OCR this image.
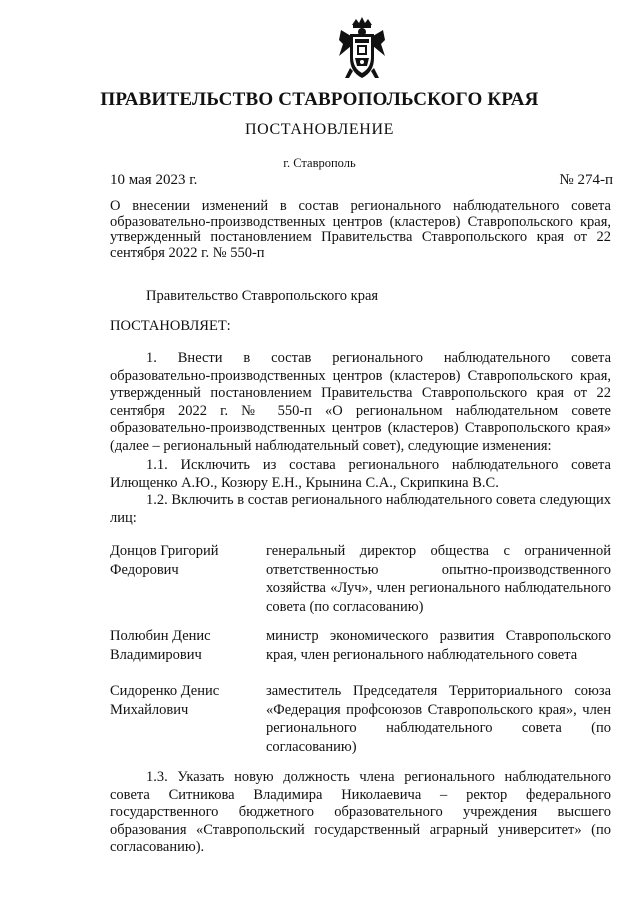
ПРАВИТЕЛЬСТВО СТАВРОПОЛЬСКОГО КРАЯ
ПОСТАНОВЛЕНИЕ
г. Ставрополь
10 мая 2023 г.	№ 274-п
О внесении изменений в состав регионального наблюдательного совета образовательно-производственных центров (кластеров) Ставропольского края, утвержденный постановлением Правительства Ставропольского края от 22 сентября 2022 г. № 550-п
Правительство Ставропольского края
ПОСТАНОВЛЯЕТ:
1. Внести в состав регионального наблюдательного совета образовательно-производственных центров (кластеров) Ставропольского края, утвержденный постановлением Правительства Ставропольского края от 22 сентября 2022 г. № 550-п «О региональном наблюдательном совете образовательно-производственных центров (кластеров) Ставропольского края» (далее – региональный наблюдательный совет), следующие изменения:
1.1. Исключить из состава регионального наблюдательного совета Илющенко А.Ю., Козюру Е.Н., Крынина С.А., Скрипкина В.С.
1.2. Включить в состав регионального наблюдательного совета следующих лиц:
Донцов Григорий Федорович
генеральный директор общества с ограниченной ответственностью опытно-производственного хозяйства «Луч», член регионального наблюдательного совета (по согласованию)
Полюбин Денис Владимирович
министр экономического развития Ставропольского края, член регионального наблюдательного совета
Сидоренко Денис Михайлович
заместитель Председателя Территориального союза «Федерация профсоюзов Ставропольского края», член регионального наблюдательного совета (по согласованию)
1.3. Указать новую должность члена регионального наблюдательного совета Ситникова Владимира Николаевича – ректор федерального государственного бюджетного образовательного учреждения высшего образования «Ставропольский государственный аграрный университет» (по согласованию).
